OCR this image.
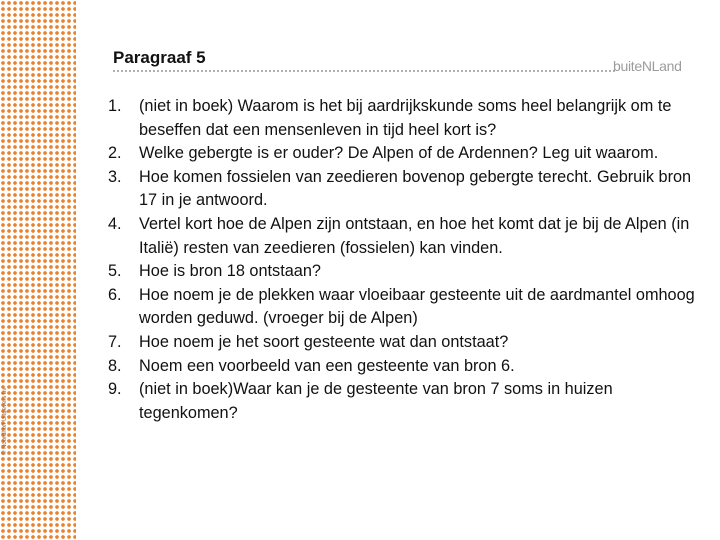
Paragraaf 5	buiteNLand
1.	(niet in boek) Waarom is het bij aardrijkskunde soms heel belangrijk om te beseffen dat een mensenleven in tijd heel kort is?
2.	Welke gebergte is er ouder? De Alpen of de Ardennen? Leg uit waarom.
3.	Hoe komen fossielen van zeedieren bovenop gebergte terecht. Gebruik bron 17 in je antwoord.
4.	Vertel kort hoe de Alpen zijn ontstaan, en hoe het komt dat je bij de Alpen (in Italië) resten van zeedieren (fossielen) kan vinden.
5.	Hoe is bron 18 ontstaan?
6.	Hoe noem je de plekken waar vloeibaar gesteente uit de aardmantel omhoog worden geduwd. (vroeger bij de Alpen)
7.	Hoe noem je het soort gesteente wat dan ontstaat?
8.	Noem een voorbeeld van een gesteente van bron 6.
9.	(niet in boek)Waar kan je de gesteente van bron 7 soms in huizen tegenkomen?
